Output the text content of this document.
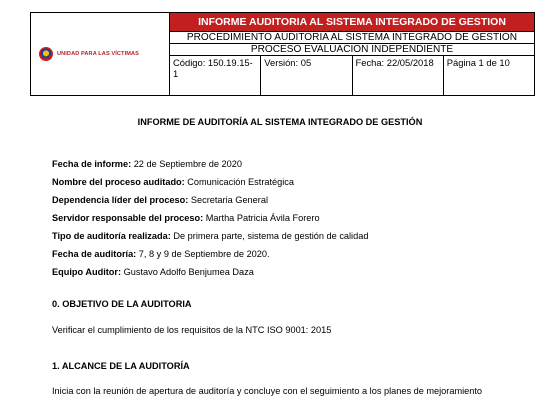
UNIDAD PARA LAS VÍCTIMAS	INFORME AUDITORIA AL SISTEMA INTEGRADO DE GESTION			
	PROCEDIMIENTO AUDITORIA AL SISTEMA INTEGRADO DE GESTIÓN
PROCESO EVALUACIÓN INDEPENDIENTE			

	Código: 150.19.15-1	Versión: 05	Fecha: 22/05/2018	Página 1 de 10
INFORME DE AUDITORÍA AL SISTEMA INTEGRADO DE GESTIÓN
Fecha de informe: 22 de Septiembre de 2020
Nombre del proceso auditado: Comunicación Estratégica
Dependencia líder del proceso: Secretaria General
Servidor responsable del proceso: Martha Patricia Ávila Forero
Tipo de auditoría realizada: De primera parte, sistema de gestión de calidad
Fecha de auditoría: 7, 8 y 9 de Septiembre de 2020.
Equipo Auditor: Gustavo Adolfo Benjumea Daza
0. OBJETIVO DE LA AUDITORIA
Verificar el cumplimiento de los requisitos de la NTC ISO 9001: 2015
1. ALCANCE DE LA AUDITORÍA
Inicia con la reunión de apertura de auditoría y concluye con el seguimiento a los planes de mejoramiento
